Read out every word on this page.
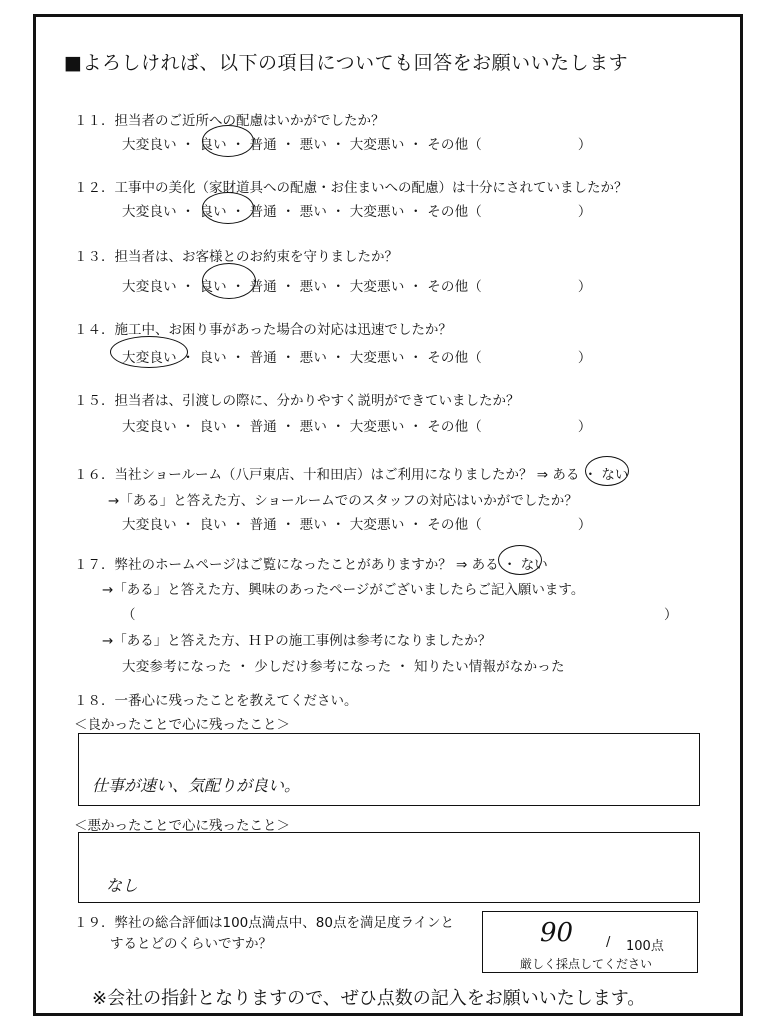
■よろしければ、以下の項目についても回答をお願いいたします
１１．担当者のご近所への配慮はいかがでしたか？
大変良い ・ 良い ・ 普通 ・ 悪い ・ 大変悪い ・ その他（　　　　　　　）
１２．工事中の美化（家財道具への配慮・お住まいへの配慮）は十分にされていましたか？
大変良い ・ 良い ・ 普通 ・ 悪い ・ 大変悪い ・ その他（　　　　　　　）
１３．担当者は、お客様とのお約束を守りましたか？
大変良い ・ 良い ・ 普通 ・ 悪い ・ 大変悪い ・ その他（　　　　　　　）
１４．施工中、お困り事があった場合の対応は迅速でしたか？
大変良い ・ 良い ・ 普通 ・ 悪い ・ 大変悪い ・ その他（　　　　　　　）
１５．担当者は、引渡しの際に、分かりやすく説明ができていましたか？
大変良い ・ 良い ・ 普通 ・ 悪い ・ 大変悪い ・ その他（　　　　　　　）
１６．当社ショールーム（八戸東店、十和田店）はご利用になりましたか？ ⇒ ある ・ ない
→「ある」と答えた方、ショールームでのスタッフの対応はいかがでしたか？
大変良い ・ 良い ・ 普通 ・ 悪い ・ 大変悪い ・ その他（　　　　　　　）
１７．弊社のホームページはご覧になったことがありますか？ ⇒ ある ・ ない
→「ある」と答えた方、興味のあったページがございましたらご記入願います。
（	）
→「ある」と答えた方、ＨＰの施工事例は参考になりましたか？
大変参考になった ・ 少しだけ参考になった ・ 知りたい情報がなかった
１８．一番心に残ったことを教えてください。
＜良かったことで心に残ったこと＞
仕事が速い、気配りが良い。
＜悪かったことで心に残ったこと＞
なし
１９．弊社の総合評価は100点満点中、80点を満足度ラインと
するとどのくらいですか？	90	/ 100点
厳しく採点してください
※会社の指針となりますので、ぜひ点数の記入をお願いいたします。
